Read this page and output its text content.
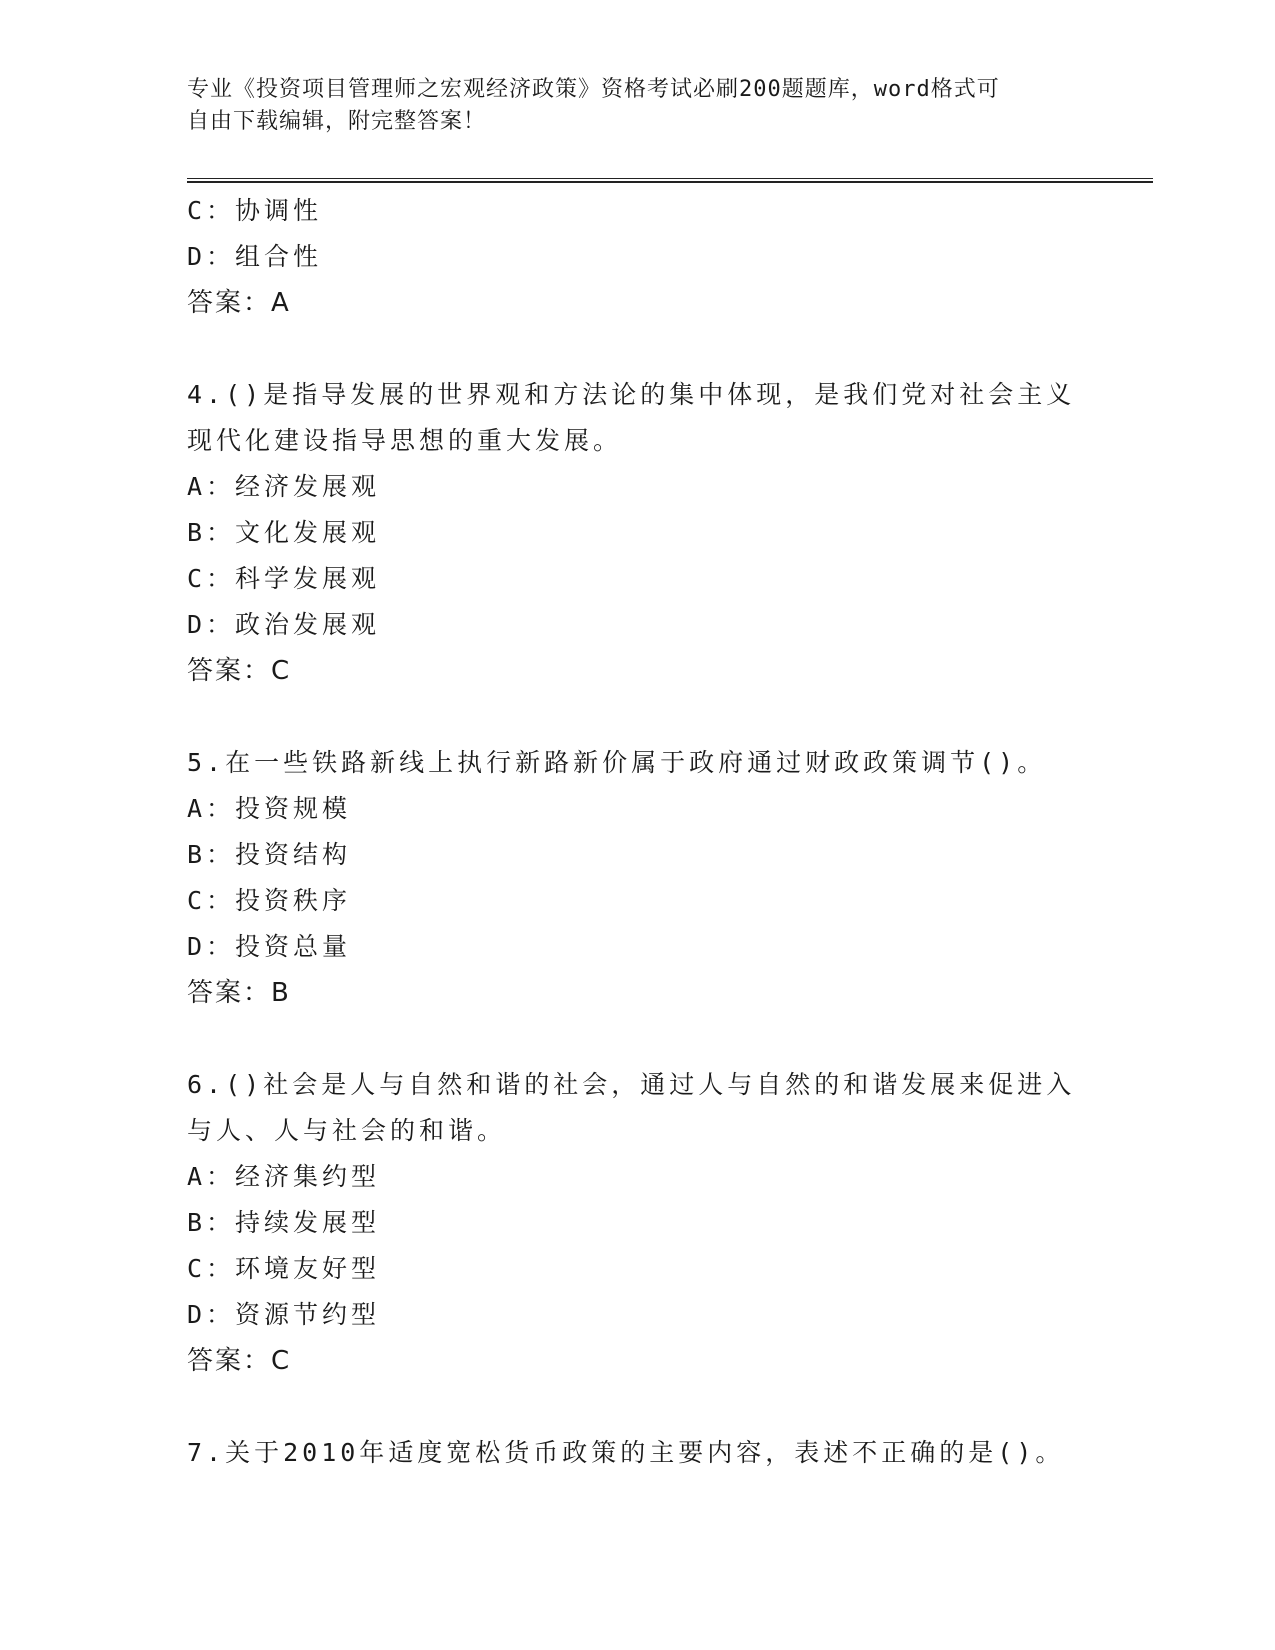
专业《投资项目管理师之宏观经济政策》资格考试必刷200题题库，word格式可
自由下载编辑，附完整答案！
C：协调性
D：组合性
答案：A
4.()是指导发展的世界观和方法论的集中体现，是我们党对社会主义
现代化建设指导思想的重大发展。
A：经济发展观
B：文化发展观
C：科学发展观
D：政治发展观
答案：C
5.在一些铁路新线上执行新路新价属于政府通过财政政策调节()。
A：投资规模
B：投资结构
C：投资秩序
D：投资总量
答案：B
6.()社会是人与自然和谐的社会，通过人与自然的和谐发展来促进入
与人、人与社会的和谐。
A：经济集约型
B：持续发展型
C：环境友好型
D：资源节约型
答案：C
7.关于2010年适度宽松货币政策的主要内容，表述不正确的是()。
